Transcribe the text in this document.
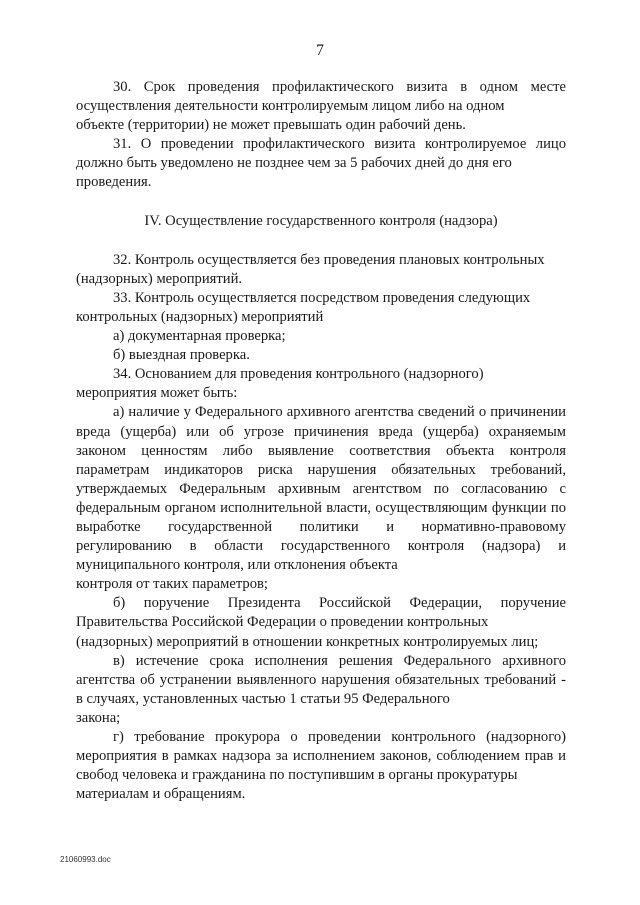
7

30. Срок проведения профилактического визита в одном месте осуществления деятельности контролируемым лицом либо на одном
объекте (территории) не может превышать один рабочий день.

31. О проведении профилактического визита контролируемое лицо должно быть уведомлено не позднее чем за 5 рабочих дней до дня его
проведения.

IV. Осуществление государственного контроля (надзора)

32. Контроль осуществляется без проведения плановых контрольных
(надзорных) мероприятий.

33. Контроль осуществляется посредством проведения следующих
контрольных (надзорных) мероприятий

а) документарная проверка;

б) выездная проверка.

34. Основанием для проведения контрольного (надзорного)
мероприятия может быть:

а) наличие у Федерального архивного агентства сведений о причинении вреда (ущерба) или об угрозе причинения вреда (ущерба) охраняемым законом ценностям либо выявление соответствия объекта контроля параметрам индикаторов риска нарушения обязательных требований, утверждаемых Федеральным архивным агентством по согласованию с федеральным органом исполнительной власти, осуществляющим функции по выработке государственной политики и нормативно-правовому регулированию в области государственного контроля (надзора) и муниципального контроля, или отклонения объекта
контроля от таких параметров;

б) поручение Президента Российской Федерации, поручение Правительства Российской Федерации о проведении контрольных
(надзорных) мероприятий в отношении конкретных контролируемых лиц;

в) истечение срока исполнения решения Федерального архивного агентства об устранении выявленного нарушения обязательных требований - в случаях, установленных частью 1 статьи 95 Федерального
закона;

г) требование прокурора о проведении контрольного (надзорного) мероприятия в рамках надзора за исполнением законов, соблюдением прав и свобод человека и гражданина по поступившим в органы прокуратуры
материалам и обращениям.

21060993.doc
